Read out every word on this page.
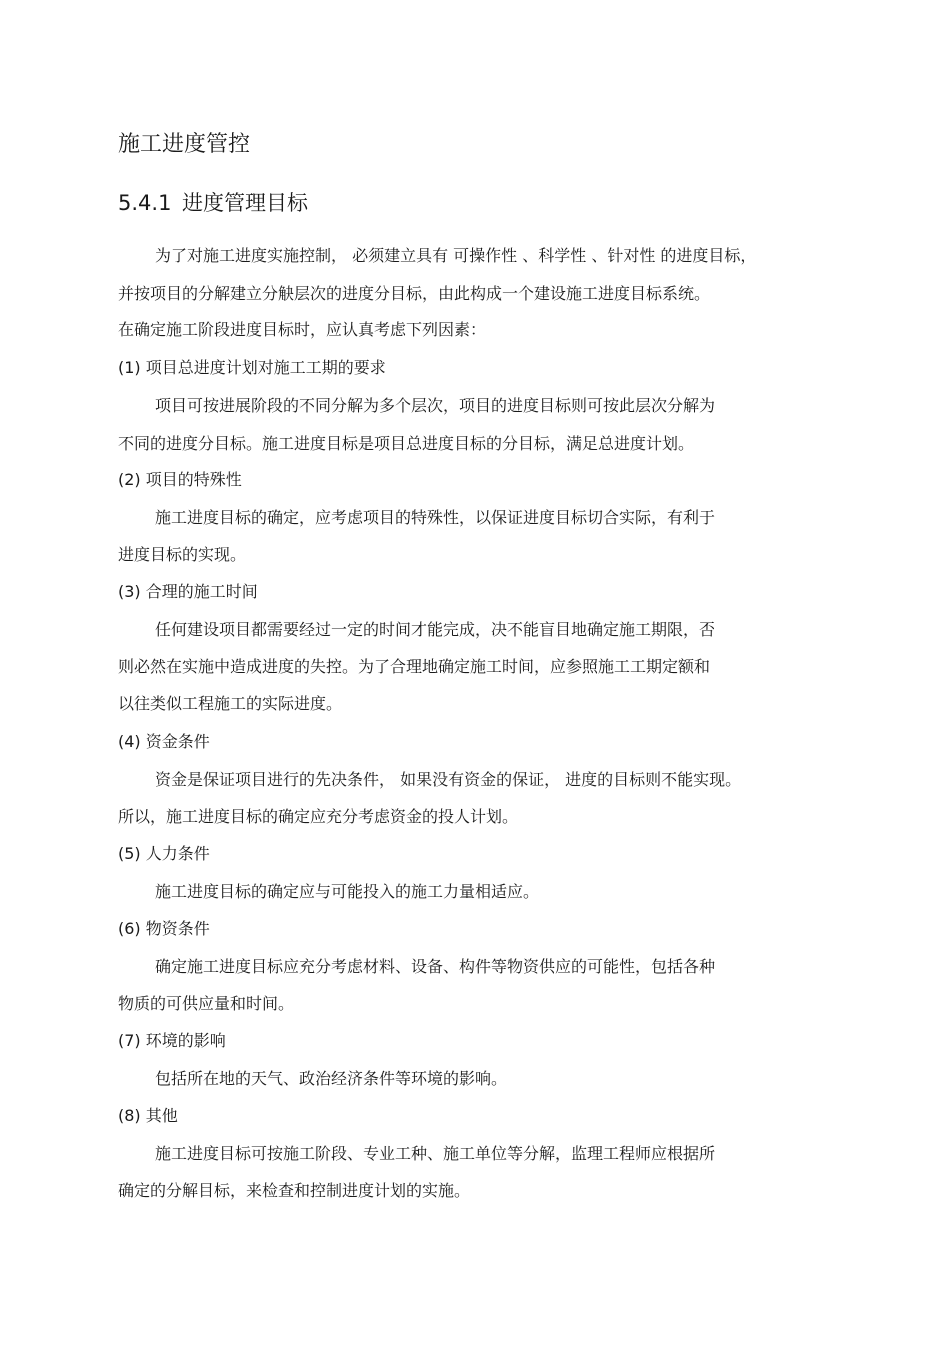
施工进度管控
5.4.1 进度管理目标
为了对施工进度实施控制， 必须建立具有 可操作性 、科学性 、针对性 的进度目标，
并按项目的分解建立分觖层次的进度分目标，由此构成一个建设施工进度目标系统。
在确定施工阶段进度目标时，应认真考虑下列因素：
(1) 项目总进度计划对施工工期的要求
项目可按进展阶段的不同分解为多个层次，项目的进度目标则可按此层次分解为
不同的进度分目标。施工进度目标是项目总进度目标的分目标，满足总进度计划。
(2) 项目的特殊性
施工进度目标的确定，应考虑项目的特殊性，以保证进度目标切合实际，有利于
进度目标的实现。
(3) 合理的施工时间
任何建设项目都需要经过一定的时间才能完成，决不能盲目地确定施工期限，否
则必然在实施中造成进度的失控。为了合理地确定施工时间，应参照施工工期定额和
以往类似工程施工的实际进度。
(4) 资金条件
资金是保证项目进行的先决条件， 如果没有资金的保证， 进度的目标则不能实现。
所以，施工进度目标的确定应充分考虑资金的投人计划。
(5) 人力条件
施工进度目标的确定应与可能投入的施工力量相适应。
(6) 物资条件
确定施工进度目标应充分考虑材料、设备、构件等物资供应的可能性，包括各种
物质的可供应量和时间。
(7) 环境的影响
包括所在地的天气、政治经济条件等环境的影响。
(8) 其他
施工进度目标可按施工阶段、专业工种、施工单位等分解，监理工程师应根据所
确定的分解目标，来检查和控制进度计划的实施。
